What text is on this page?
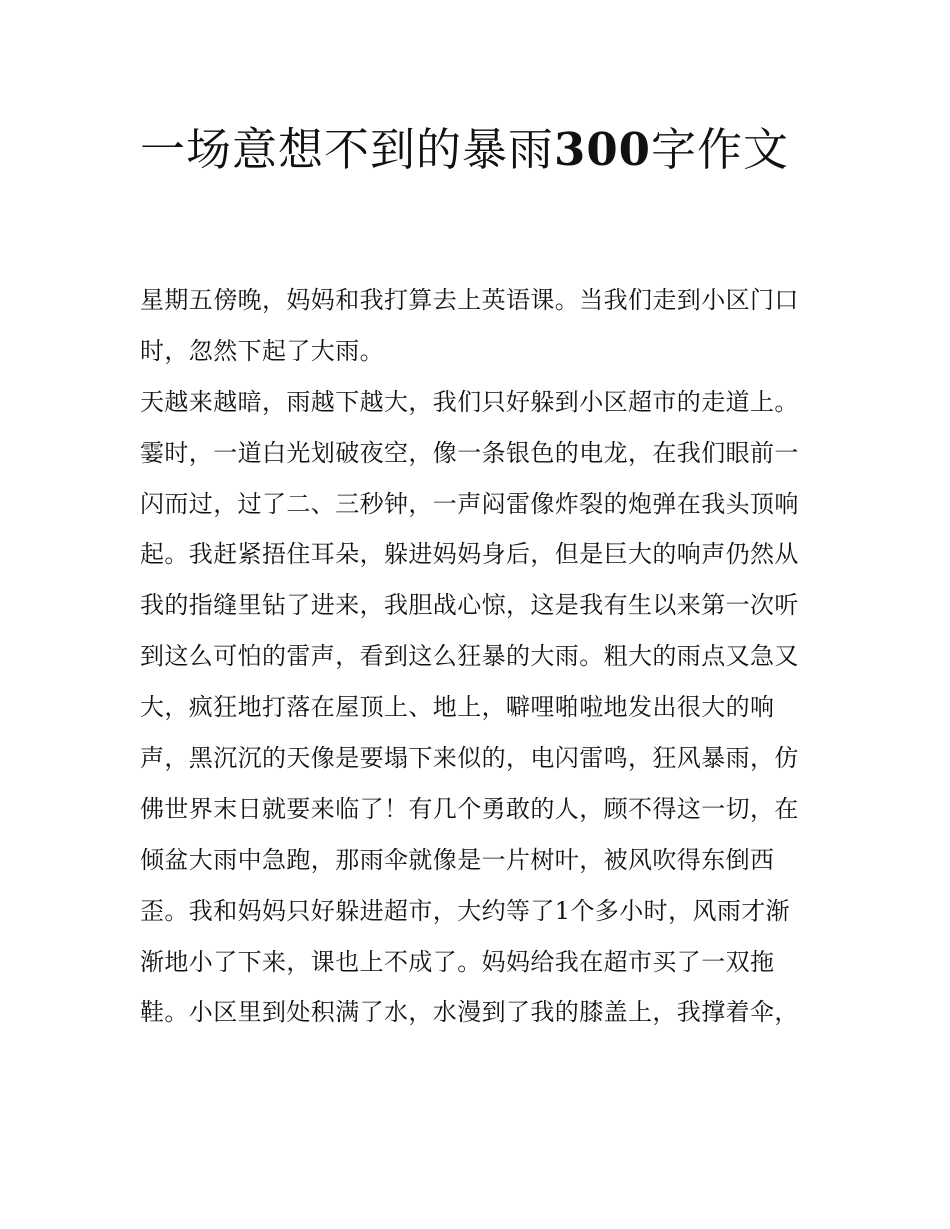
一场意想不到的暴雨300字作文
星期五傍晚，妈妈和我打算去上英语课。当我们走到小区门口
时，忽然下起了大雨。
天越来越暗，雨越下越大，我们只好躲到小区超市的走道上。
霎时，一道白光划破夜空，像一条银色的电龙，在我们眼前一
闪而过，过了二、三秒钟，一声闷雷像炸裂的炮弹在我头顶响
起。我赶紧捂住耳朵，躲进妈妈身后，但是巨大的响声仍然从
我的指缝里钻了进来，我胆战心惊，这是我有生以来第一次听
到这么可怕的雷声，看到这么狂暴的大雨。粗大的雨点又急又
大，疯狂地打落在屋顶上、地上，噼哩啪啦地发出很大的响
声，黑沉沉的天像是要塌下来似的，电闪雷鸣，狂风暴雨，仿
佛世界末日就要来临了！有几个勇敢的人，顾不得这一切，在
倾盆大雨中急跑，那雨伞就像是一片树叶，被风吹得东倒西
歪。我和妈妈只好躲进超市，大约等了1个多小时，风雨才渐
渐地小了下来，课也上不成了。妈妈给我在超市买了一双拖
鞋。小区里到处积满了水，水漫到了我的膝盖上，我撑着伞，
